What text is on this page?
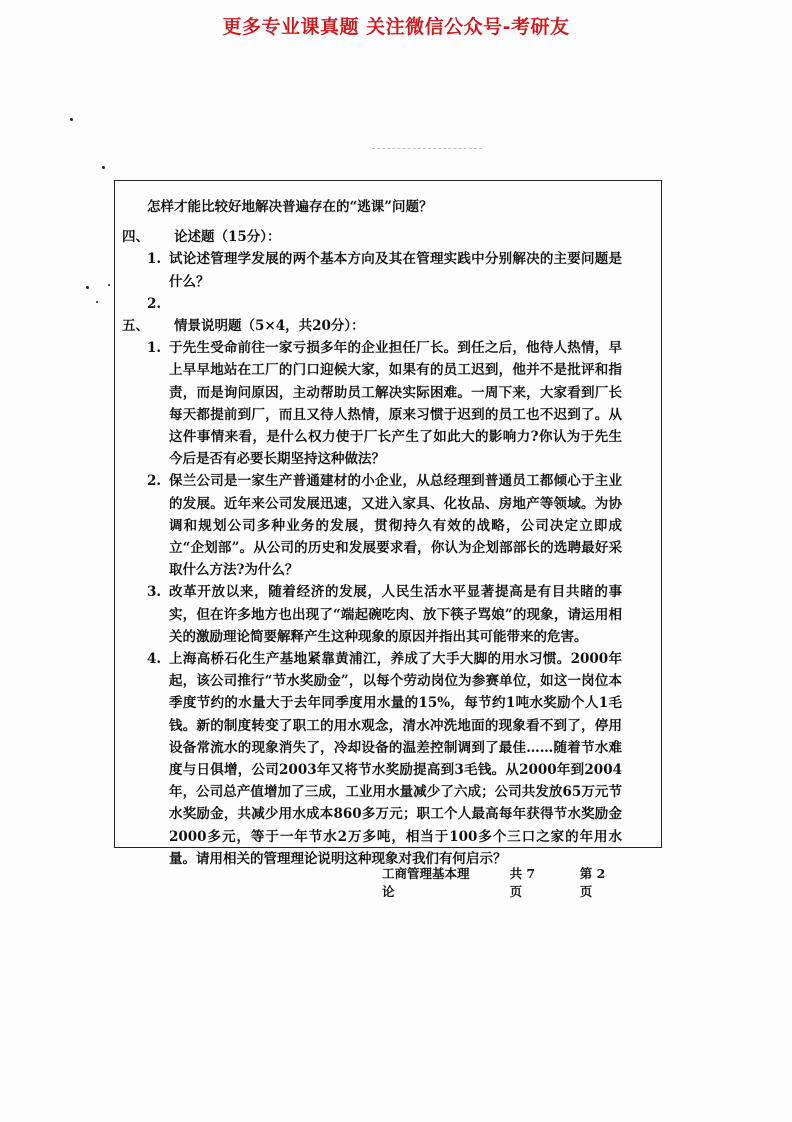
更多专业课真题 关注微信公众号-考研友
怎样才能比较好地解决普遍存在的“逃课”问题？
四、	论述题（15分）：
1. 试论述管理学发展的两个基本方向及其在管理实践中分别解决的主要问题是什么？
2.
五、	情景说明题（5×4，共20分）：
1. 于先生受命前往一家亏损多年的企业担任厂长。到任之后，他待人热情，早上早早地站在工厂的门口迎候大家，如果有的员工迟到，他并不是批评和指责，而是询问原因，主动帮助员工解决实际困难。一周下来，大家看到厂长每天都提前到厂，而且又待人热情，原来习惯于迟到的员工也不迟到了。从这件事情来看，是什么权力使于厂长产生了如此大的影响力?你认为于先生今后是否有必要长期坚持这种做法？
2. 保兰公司是一家生产普通建材的小企业，从总经理到普通员工都倾心于主业的发展。近年来公司发展迅速，又进入家具、化妆品、房地产等领域。为协调和规划公司多种业务的发展，贯彻持久有效的战略，公司决定立即成立“企划部”。从公司的历史和发展要求看，你认为企划部部长的选聘最好采取什么方法?为什么？
3. 改革开放以来，随着经济的发展，人民生活水平显著提高是有目共睹的事实，但在许多地方也出现了“端起碗吃肉、放下筷子骂娘”的现象，请运用相关的激励理论简要解释产生这种现象的原因并指出其可能带来的危害。
4. 上海高桥石化生产基地紧靠黄浦江，养成了大手大脚的用水习惯。2000年起，该公司推行“节水奖励金”，以每个劳动岗位为参赛单位，如这一岗位本季度节约的水量大于去年同季度用水量的15%，每节约1吨水奖励个人1毛钱。新的制度转变了职工的用水观念，清水冲洗地面的现象看不到了，停用设备常流水的现象消失了，冷却设备的温差控制调到了最佳……随着节水难度与日俱增，公司2003年又将节水奖励提高到3毛钱。从2000年到2004年，公司总产值增加了三成，工业用水量减少了六成；公司共发放65万元节水奖励金，共减少用水成本860多万元；职工个人最高每年获得节水奖励金2000多元，等于一年节水2万多吨，相当于100多个三口之家的年用水量。请用相关的管理理论说明这种现象对我们有何启示？
工商管理基本理论
共 7 页
第 2 页
